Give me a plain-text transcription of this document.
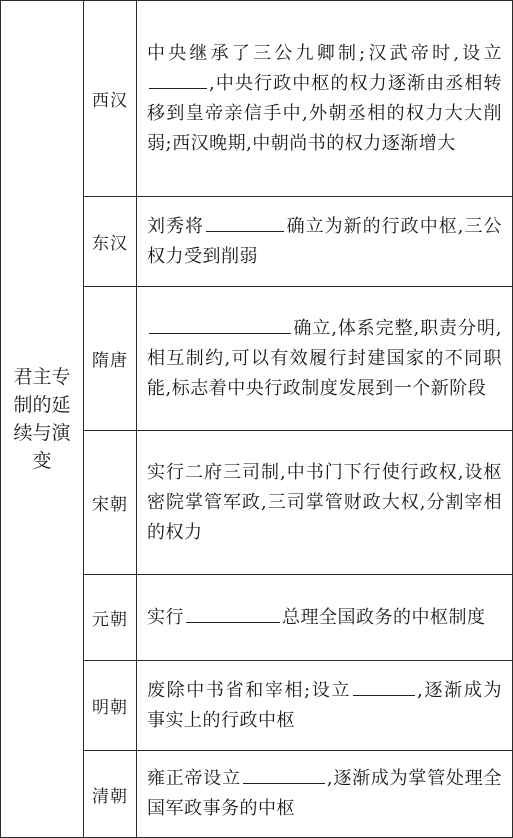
君主专制的延续与演变	西汉	中央继承了三公九卿制;汉武帝时,设立,中央行政中枢的权力逐渐由丞相转移到皇帝亲信手中,外朝丞相的权力大大削弱;西汉晚期,中朝尚书的权力逐渐增大
	东汉	刘秀将 确立为新的行政中枢,三公权力受到削弱
	隋唐	确立,体系完整,职责分明,相互制约,可以有效履行封建国家的不同职能,标志着中央行政制度发展到一个新阶段
	宋朝	实行二府三司制,中书门下行使行政权,设枢密院掌管军政,三司掌管财政大权,分割宰相的权力
	元朝	实行 总理全国政务的中枢制度
	明朝	废除中书省和宰相;设立 ,逐渐成为事实上的行政中枢
	清朝	雍正帝设立 ,逐渐成为掌管处理全国军政事务的中枢
